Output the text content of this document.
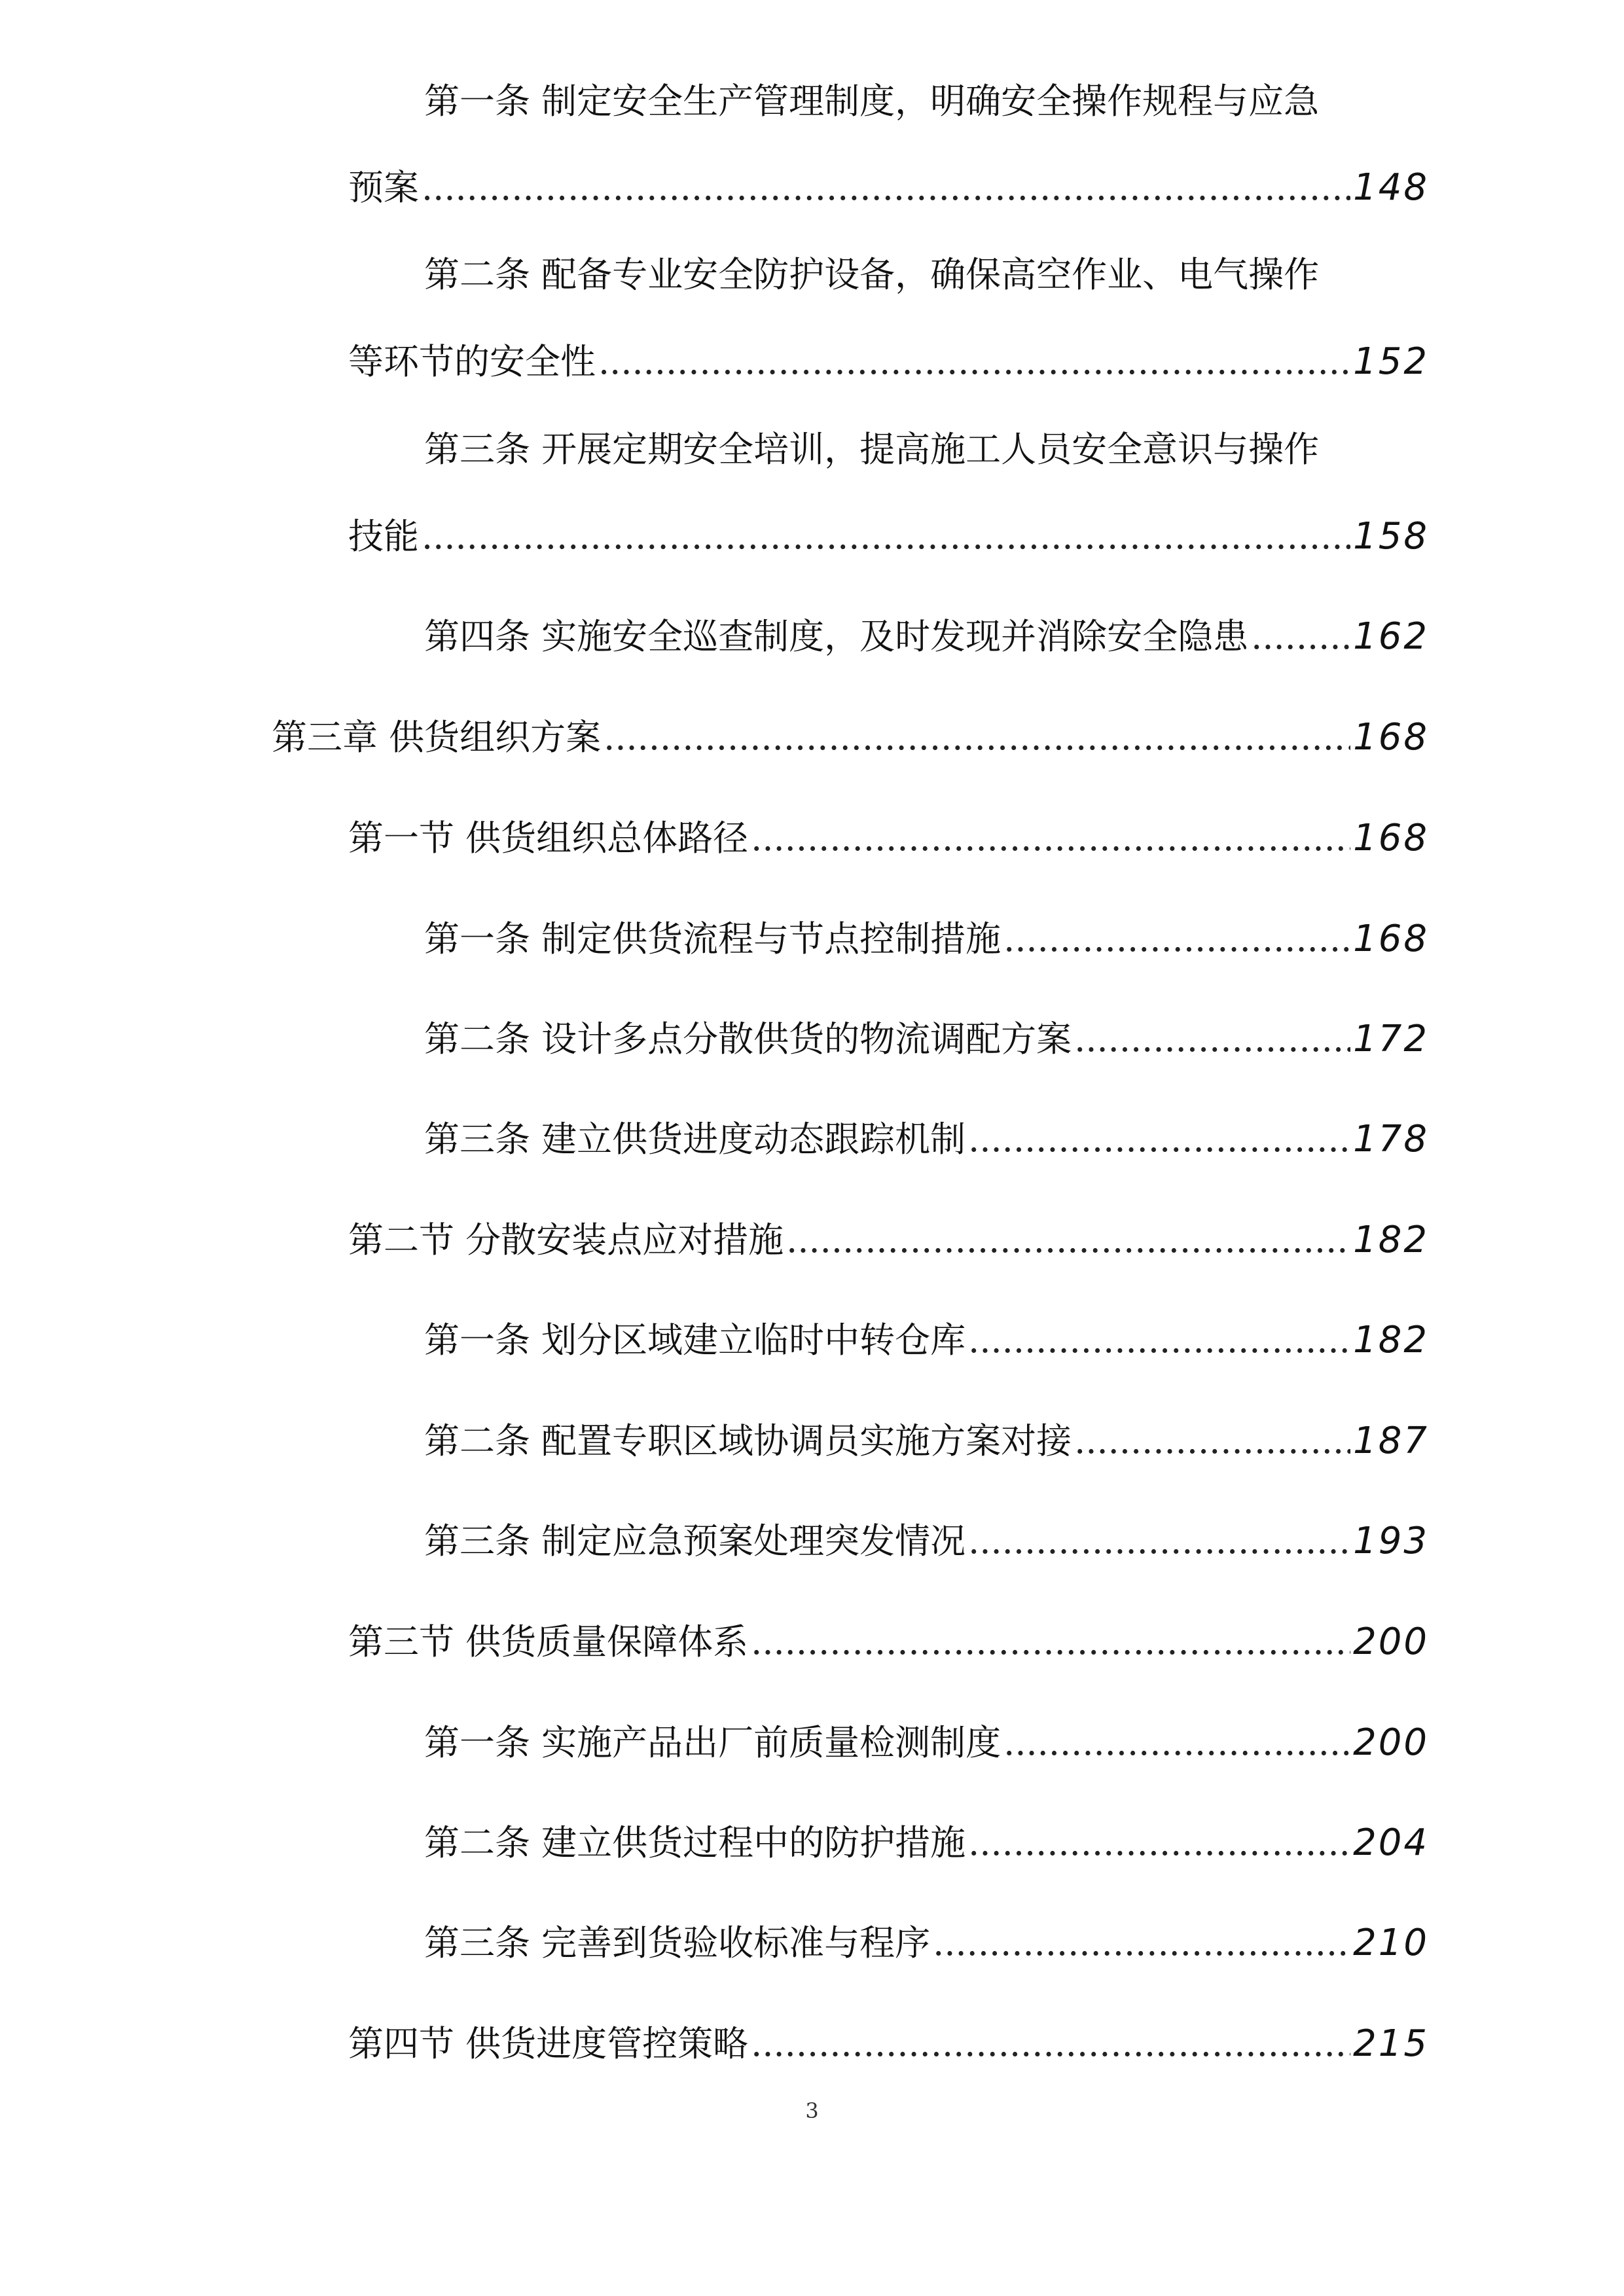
第一条 制定安全生产管理制度，明确安全操作规程与应急
预案 .....	148
第二条 配备专业安全防护设备，确保高空作业、电气操作
等环节的安全性 .....	152
第三条 开展定期安全培训，提高施工人员安全意识与操作
技能 .....	158
第四条 实施安全巡查制度，及时发现并消除安全隐患 .....	162
第三章 供货组织方案 .....	168
第一节 供货组织总体路径 .....	168
第一条 制定供货流程与节点控制措施 .....	168
第二条 设计多点分散供货的物流调配方案 .....	172
第三条 建立供货进度动态跟踪机制 .....	178
第二节 分散安装点应对措施 .....	182
第一条 划分区域建立临时中转仓库 .....	182
第二条 配置专职区域协调员实施方案对接 .....	187
第三条 制定应急预案处理突发情况 .....	193
第三节 供货质量保障体系 .....	200
第一条 实施产品出厂前质量检测制度 .....	200
第二条 建立供货过程中的防护措施 .....	204
第三条 完善到货验收标准与程序 .....	210
第四节 供货进度管控策略 .....	215
3
